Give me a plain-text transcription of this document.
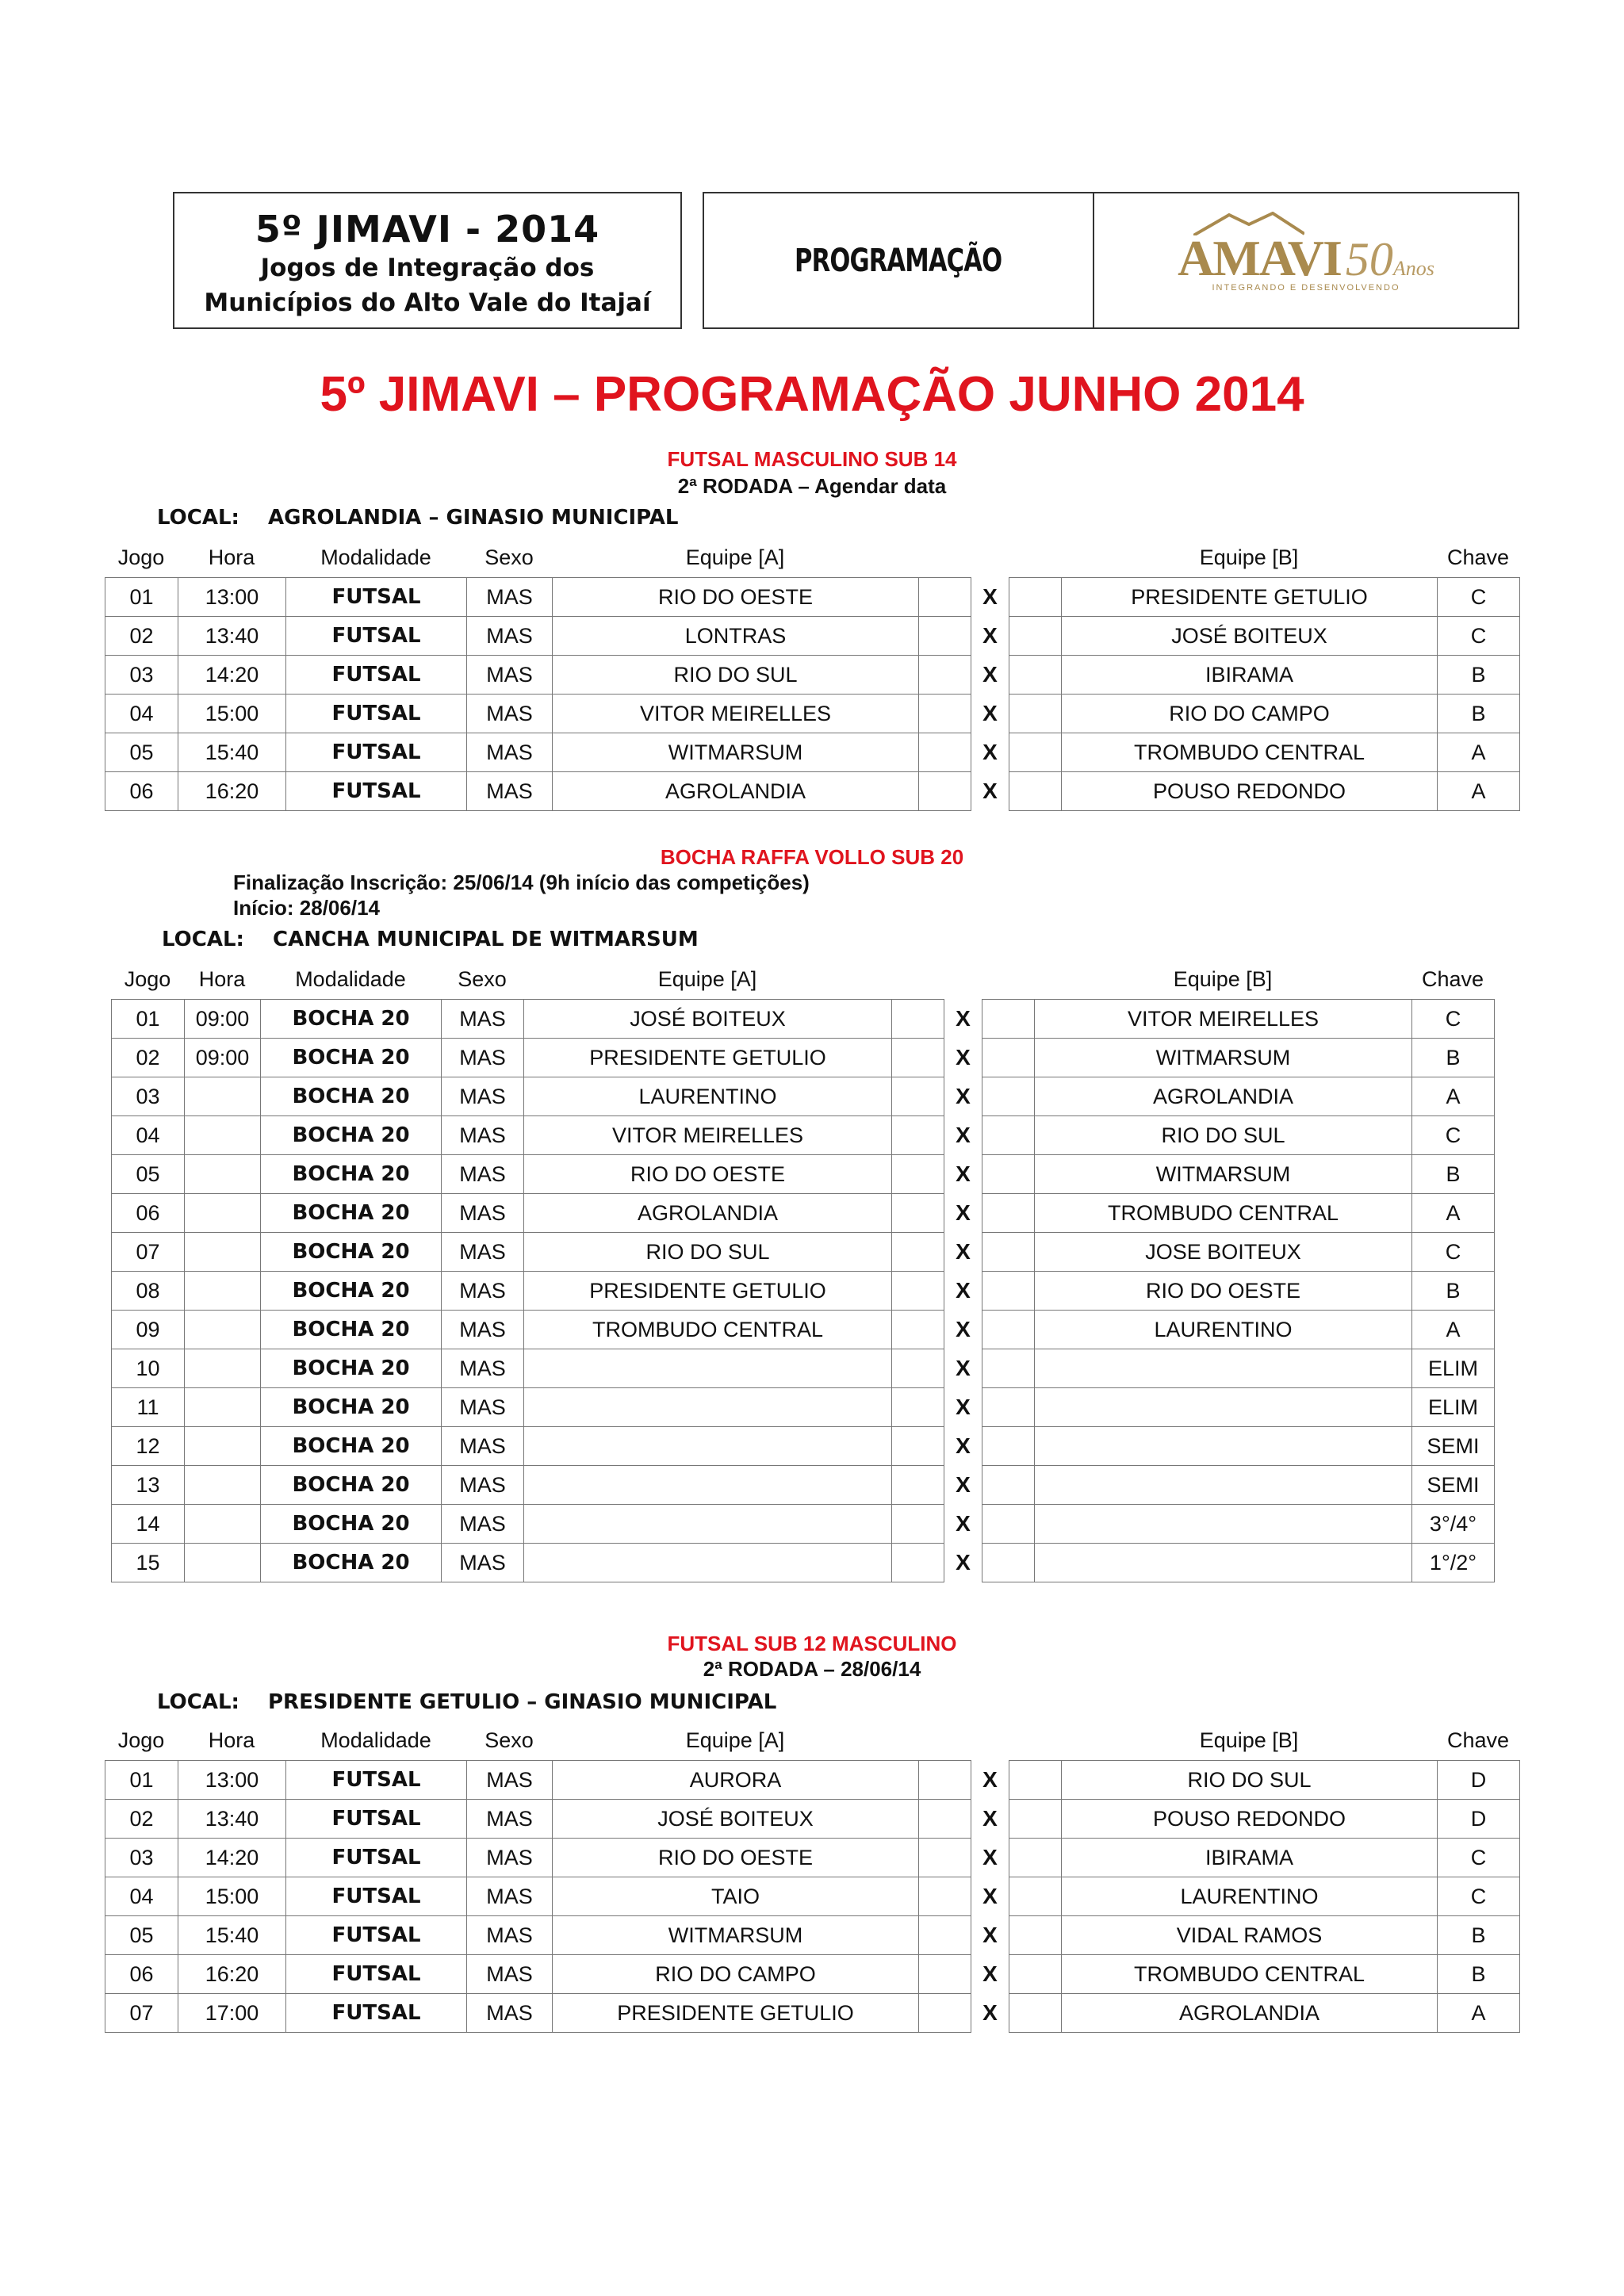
5º JIMAVI - 2014
Jogos de Integração dos
Municípios do Alto Vale do Itajaí
PROGRAMAÇÃO	AMAVI 50 Anos
INTEGRANDO E DESENVOLVENDO
5º JIMAVI – PROGRAMAÇÃO JUNHO 2014
FUTSAL MASCULINO SUB 14
2ª RODADA – Agendar data
LOCAL: AGROLANDIA – GINASIO MUNICIPAL
Jogo	Hora	Modalidade	Sexo	Equipe [A]	Equipe [B]	Chave
01	13:00	FUTSAL	MAS	RIO DO OESTE		X		PRESIDENTE GETULIO	C
02	13:40	FUTSAL	MAS	LONTRAS		X		JOSÉ BOITEUX	C
03	14:20	FUTSAL	MAS	RIO DO SUL		X		IBIRAMA	B
04	15:00	FUTSAL	MAS	VITOR MEIRELLES		X		RIO DO CAMPO	B
05	15:40	FUTSAL	MAS	WITMARSUM		X		TROMBUDO CENTRAL	A
06	16:20	FUTSAL	MAS	AGROLANDIA		X		POUSO REDONDO	A
BOCHA RAFFA VOLLO SUB 20
Finalização Inscrição: 25/06/14 (9h início das competições)
Início: 28/06/14
LOCAL: CANCHA MUNICIPAL DE WITMARSUM
Jogo	Hora	Modalidade	Sexo	Equipe [A]	Equipe [B]	Chave
01	09:00	BOCHA 20	MAS	JOSÉ BOITEUX		X		VITOR MEIRELLES	C
02	09:00	BOCHA 20	MAS	PRESIDENTE GETULIO		X		WITMARSUM	B
03		BOCHA 20	MAS	LAURENTINO		X		AGROLANDIA	A
04		BOCHA 20	MAS	VITOR MEIRELLES		X		RIO DO SUL	C
05		BOCHA 20	MAS	RIO DO OESTE		X		WITMARSUM	B
06		BOCHA 20	MAS	AGROLANDIA		X		TROMBUDO CENTRAL	A
07		BOCHA 20	MAS	RIO DO SUL		X		JOSE BOITEUX	C
08		BOCHA 20	MAS	PRESIDENTE GETULIO		X		RIO DO OESTE	B
09		BOCHA 20	MAS	TROMBUDO CENTRAL		X		LAURENTINO	A
10		BOCHA 20	MAS			X			ELIM
11		BOCHA 20	MAS			X			ELIM
12		BOCHA 20	MAS			X			SEMI
13		BOCHA 20	MAS			X			SEMI
14		BOCHA 20	MAS			X			3°/4°
15		BOCHA 20	MAS			X			1°/2°
FUTSAL SUB 12 MASCULINO
2ª RODADA – 28/06/14
LOCAL: PRESIDENTE GETULIO – GINASIO MUNICIPAL
Jogo	Hora	Modalidade	Sexo	Equipe [A]	Equipe [B]	Chave
01	13:00	FUTSAL	MAS	AURORA		X		RIO DO SUL	D
02	13:40	FUTSAL	MAS	JOSÉ BOITEUX		X		POUSO REDONDO	D
03	14:20	FUTSAL	MAS	RIO DO OESTE		X		IBIRAMA	C
04	15:00	FUTSAL	MAS	TAIO		X		LAURENTINO	C
05	15:40	FUTSAL	MAS	WITMARSUM		X		VIDAL RAMOS	B
06	16:20	FUTSAL	MAS	RIO DO CAMPO		X		TROMBUDO CENTRAL	B
07	17:00	FUTSAL	MAS	PRESIDENTE GETULIO		X		AGROLANDIA	A
